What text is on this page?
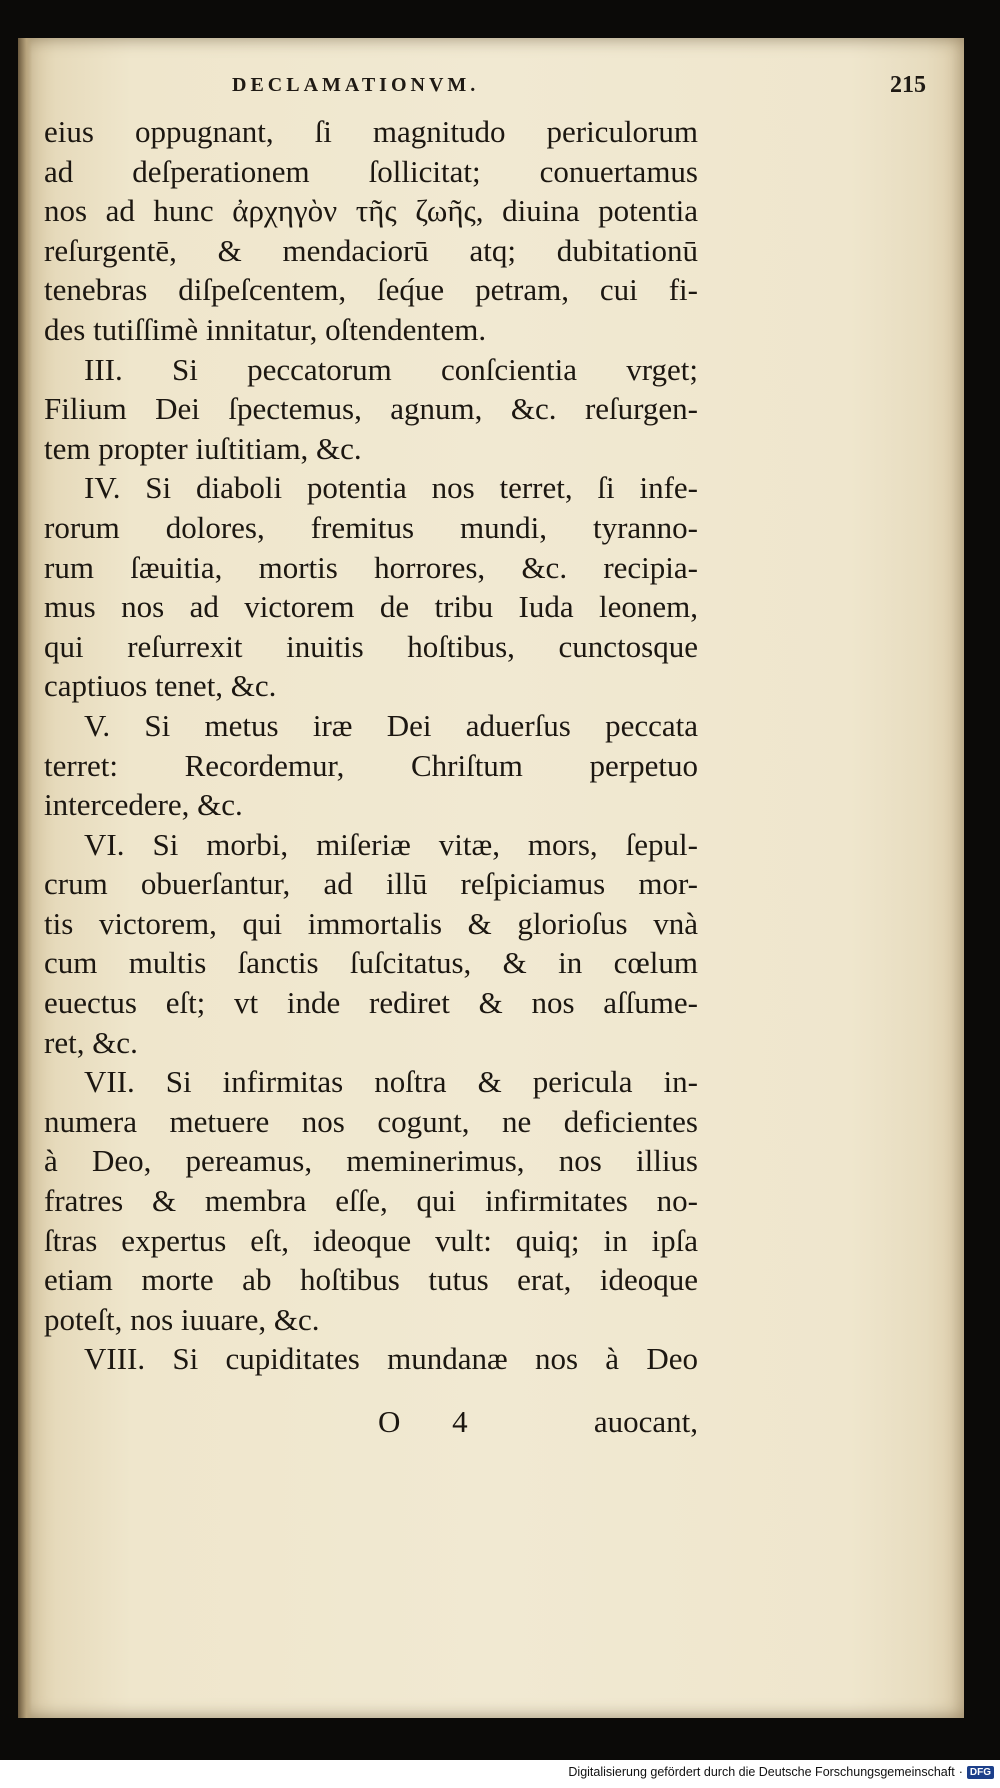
DECLAMATIONVM.	215
eius oppugnant, ſi magnitudo periculorum
ad deſperationem ſollicitat; conuertamus
nos ad hunc ἀρχηγὸν τῆς ζωῆς, diuina potentia
reſurgentē, & mendaciorū atq; dubitationū
tenebras diſpeſcentem, ſeq́ue petram, cui fi-
des tutiſſimè innitatur, oſtendentem.
III. Si peccatorum conſcientia vrget;
Filium Dei ſpectemus, agnum, &c. reſurgen-
tem propter iuſtitiam, &c.
IV. Si diaboli potentia nos terret, ſi infe-
rorum dolores, fremitus mundi, tyranno-
rum ſæuitia, mortis horrores, &c. recipia-
mus nos ad victorem de tribu Iuda leonem,
qui reſurrexit inuitis hoſtibus, cunctosque
captiuos tenet, &c.
V. Si metus iræ Dei aduerſus peccata
terret: Recordemur, Chriſtum perpetuo
intercedere, &c.
VI. Si morbi, miſeriæ vitæ, mors, ſepul-
crum obuerſantur, ad illū reſpiciamus mor-
tis victorem, qui immortalis & glorioſus vnà
cum multis ſanctis ſuſcitatus, & in cœlum
euectus eſt; vt inde rediret & nos aſſume-
ret, &c.
VII. Si infirmitas noſtra & pericula in-
numera metuere nos cogunt, ne deficientes
à Deo, pereamus, meminerimus, nos illius
fratres & membra eſſe, qui infirmitates no-
ſtras expertus eſt, ideoque vult: quiq; in ipſa
etiam morte ab hoſtibus tutus erat, ideoque
poteſt, nos iuuare, &c.
VIII. Si cupiditates mundanæ nos à Deo
O 4	auocant,
Digitalisierung gefördert durch die Deutsche Forschungsgemeinschaft · DFG
